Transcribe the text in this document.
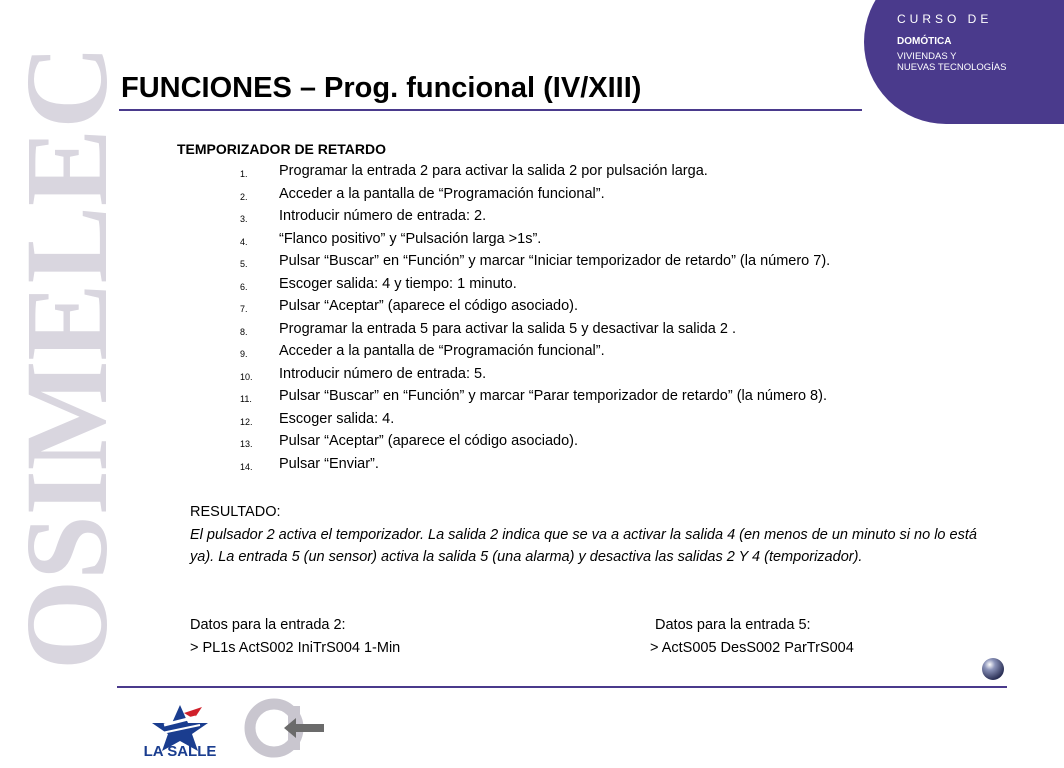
OSIMELEC
CURSO DE
DOMÓTICA
VIVIENDAS Y
NUEVAS TECNOLOGÍAS
FUNCIONES – Prog. funcional (IV/XIII)
TEMPORIZADOR DE RETARDO
1. Programar la entrada 2 para activar la salida 2 por pulsación larga.
2. Acceder a la pantalla de “Programación funcional”.
3. Introducir número de entrada: 2.
4. “Flanco positivo” y “Pulsación larga >1s”.
5. Pulsar “Buscar” en “Función” y marcar “Iniciar temporizador de retardo” (la número 7).
6. Escoger salida: 4 y tiempo: 1 minuto.
7. Pulsar “Aceptar” (aparece el código asociado).
8. Programar la entrada 5 para activar la salida 5 y desactivar la salida 2 .
9. Acceder a la pantalla de “Programación funcional”.
10. Introducir número de entrada: 5.
11. Pulsar “Buscar” en “Función” y marcar “Parar temporizador de retardo” (la número 8).
12. Escoger salida: 4.
13. Pulsar “Aceptar” (aparece el código asociado).
14. Pulsar “Enviar”.
RESULTADO:
El pulsador 2 activa el temporizador. La salida 2 indica que se va a activar la salida 4 (en menos de un minuto si no lo está ya). La entrada 5 (un sensor) activa la salida 5 (una alarma) y desactiva las salidas 2 Y 4 (temporizador).
Datos para la entrada 2:
> PL1s ActS002 IniTrS004 1-Min
Datos para la entrada 5:
> ActS005 DesS002 ParTrS004
LA SALLE
